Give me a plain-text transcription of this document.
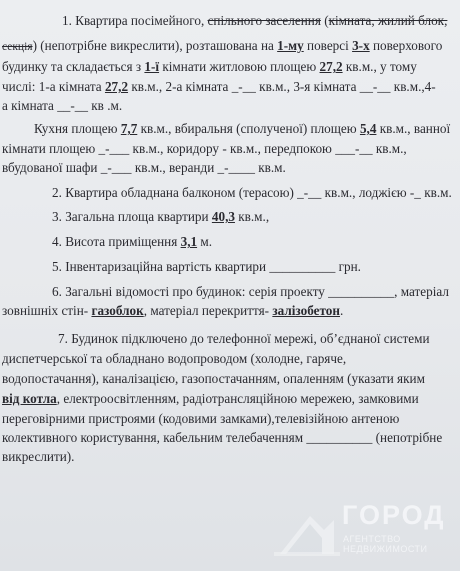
1. Квартира посімейного, спільного заселення (кімната, жилий блок,
секція) (непотрібне викреслити), розташована на 1-му поверсі 3-х поверхового
будинку та складається з 1-ї кімнати житловою площею 27,2 кв.м., у тому
числі: 1-а кімната 27,2 кв.м., 2-а кімната _-__ кв.м., 3-я кімната __-__ кв.м.,4-
а кімната __-__ кв .м.
Кухня площею 7,7 кв.м., вбиральня (сполученої) площею 5,4 кв.м., ванної
кімнати площею _-___ кв.м., коридору - кв.м., передпокою ___-__ кв.м.,
вбудованої шафи _-___ кв.м., веранди _-____ кв.м.
2. Квартира обладнана балконом (терасою) _-__ кв.м., лоджією -_ кв.м.
3. Загальна площа квартири 40,3 кв.м.,
4. Висота приміщення 3,1 м.
5. Інвентаризаційна вартість квартири __________ грн.
6. Загальні відомості про будинок: серія проекту __________, матеріал
зовнішніх стін- газоблок, матеріал перекриття- залізобетон.
7. Будинок підключено до телефонної мережі, об’єднаної системи
диспетчерської та обладнано водопроводом (холодне, гаряче,
водопостачання), каналізацією, газопостачанням, опаленням (указати яким
від котла, електроосвітленням, радіотрансляційною мережею, замковими
переговірними пристроями (кодовими замками),телевізійною антеною
колективного користування, кабельним телебаченням __________ (непотрібне
викреслити).
ГОРОД
АГЕНТСТВО НЕДВИЖИМОСТИ
